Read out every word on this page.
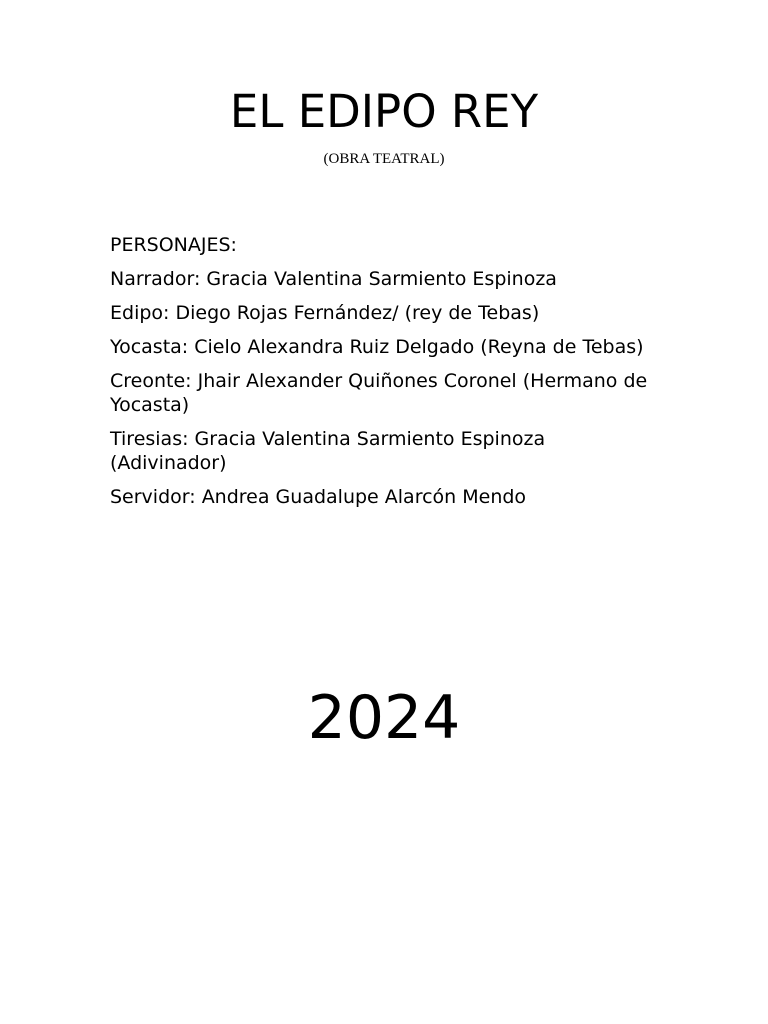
EL EDIPO REY
(OBRA TEATRAL)
PERSONAJES:
Narrador: Gracia Valentina Sarmiento Espinoza
Edipo: Diego Rojas Fernández/ (rey de Tebas)
Yocasta: Cielo Alexandra Ruiz Delgado (Reyna de Tebas)
Creonte: Jhair Alexander Quiñones Coronel (Hermano de Yocasta)
Tiresias: Gracia Valentina Sarmiento Espinoza (Adivinador)
Servidor: Andrea Guadalupe Alarcón Mendo
2024
